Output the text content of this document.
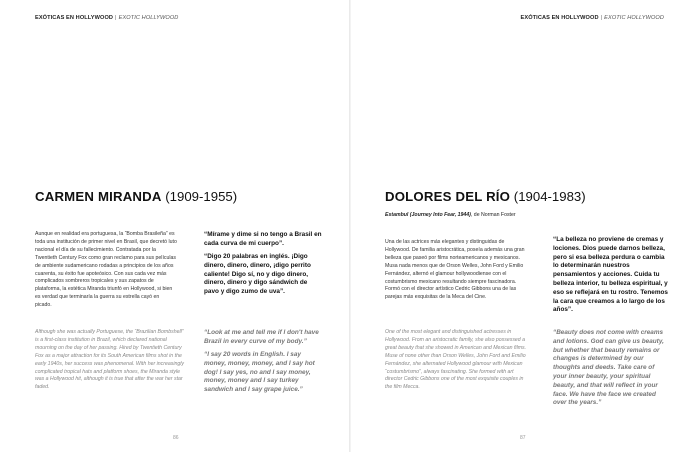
EXÓTICAS EN HOLLYWOOD | EXOTIC HOLLYWOOD
CARMEN MIRANDA (1909-1955)
Aunque en realidad era portuguesa, la “Bomba Brasileña” es toda una institución de primer nivel en Brasil, que decretó luto nacional el día de su fallecimiento. Contratada por la Twentieth Century Fox como gran reclamo para sus películas de ambiente sudamericano rodadas a principios de los años cuarenta, su éxito fue apoteósico. Con sus cada vez más complicados sombreros tropicales y sus zapatos de plataforma, la estética Miranda triunfó en Hollywood, si bien es verdad que terminaría la guerra su estrella cayó en picado.
Although she was actually Portuguese, the “Brazilian Bombshell” is a first-class institution in Brazil, which declared national mourning on the day of her passing. Hired by Twentieth Century Fox as a major attraction for its South American films shot in the early 1940s, her success was phenomenal. With her increasingly complicated tropical hats and platform shoes, the Miranda style was a Hollywood hit, although it is true that after the war her star faded.

“Mírame y dime si no tengo a Brasil en cada curva de mi cuerpo”.

“Digo 20 palabras en inglés. ¡Digo dinero, dinero, dinero, ¡digo perrito caliente! Digo sí, no y digo dinero, dinero, dinero y digo sándwich de pavo y digo zumo de uva”.

“Look at me and tell me if I don't have Brazil in every curve of my body.”

“I say 20 words in English. I say money, money, money, and I say hot dog! I say yes, no and I say money, money, money and I say turkey sandwich and I say grape juice.”

86
EXÓTICAS EN HOLLYWOOD | EXOTIC HOLLYWOOD
DOLORES DEL RÍO (1904-1983)
Estambul (Journey Into Fear, 1944), de Norman Foster
Una de las actrices más elegantes y distinguidas de Hollywood. De familia aristocrática, poseía además una gran belleza que paseó por films norteamericanos y mexicanos. Musa nada menos que de Orson Welles, John Ford y Emilio Fernández, alternó el glamour hollywoodiense con el costumbrismo mexicano resultando siempre fascinadora. Formó con el director artístico Cedric Gibbons una de las parejas más exquisitas de la Meca del Cine.
One of the most elegant and distinguished actresses in Hollywood. From an aristocratic family, she also possessed a great beauty that she showed in American and Mexican films. Muse of none other than Orson Welles, John Ford and Emilio Fernández, she alternated Hollywood glamour with Mexican “costumbrismo”, always fascinating. She formed with art director Cedric Gibbons one of the most exquisite couples in the film Mecca.
“La belleza no proviene de cremas y lociones. Dios puede darnos belleza, pero si esa belleza perdura o cambia lo determinarán nuestros pensamientos y acciones. Cuida tu belleza interior, tu belleza espiritual, y eso se reflejará en tu rostro. Tenemos la cara que creamos a lo largo de los años”.
“Beauty does not come with creams and lotions. God can give us beauty, but whether that beauty remains or changes is determined by our thoughts and deeds. Take care of your inner beauty, your spiritual beauty, and that will reflect in your face. We have the face we created over the years.”
87
